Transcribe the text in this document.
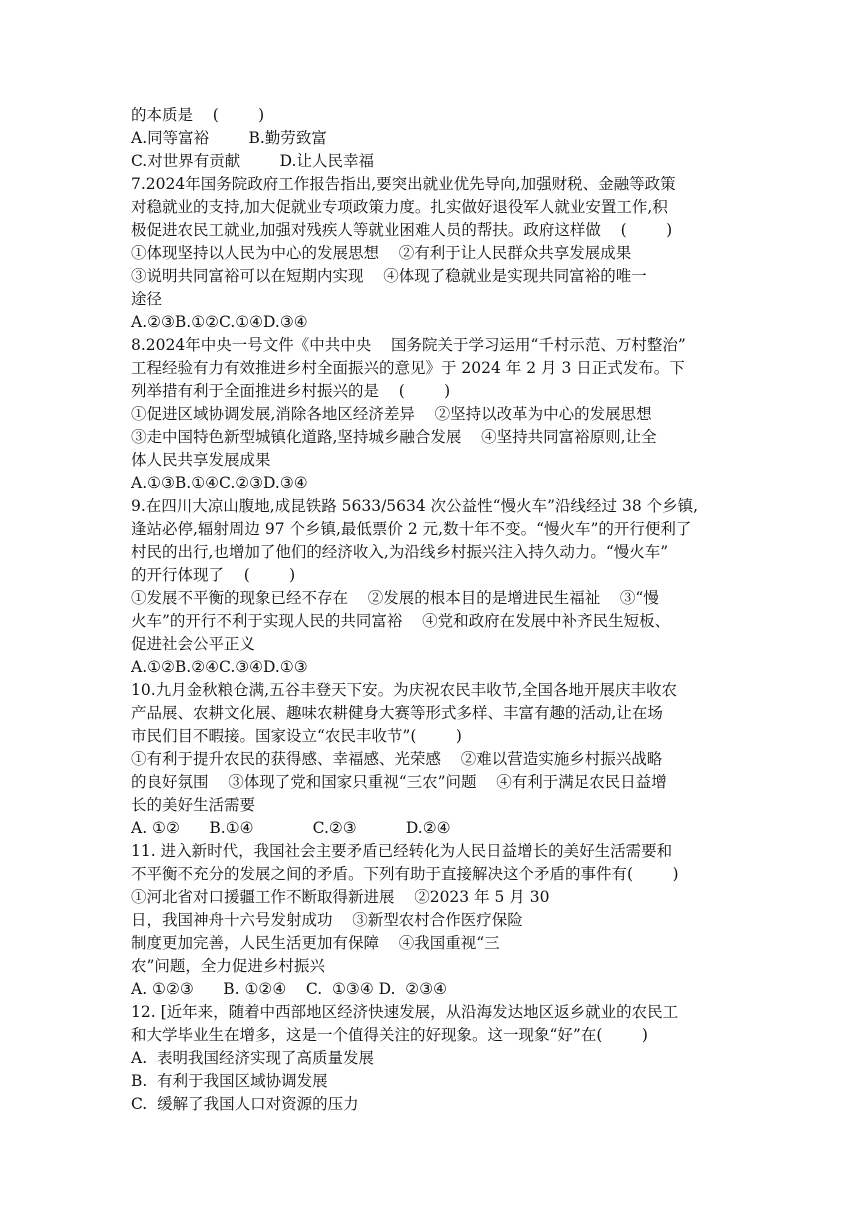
的本质是    (        )
A.同等富裕        B.勤劳致富
C.对世界有贡献        D.让人民幸福
7.2024年国务院政府工作报告指出,要突出就业优先导向,加强财税、金融等政策
对稳就业的支持,加大促就业专项政策力度。扎实做好退役军人就业安置工作,积
极促进农民工就业,加强对残疾人等就业困难人员的帮扶。政府这样做    (        )
①体现坚持以人民为中心的发展思想    ②有利于让人民群众共享发展成果
③说明共同富裕可以在短期内实现    ④体现了稳就业是实现共同富裕的唯一
途径
A.②③B.①②C.①④D.③④
8.2024年中央一号文件《中共中央    国务院关于学习运用“千村示范、万村整治”
工程经验有力有效推进乡村全面振兴的意见》于 2024 年 2 月 3 日正式发布。下
列举措有利于全面推进乡村振兴的是    (        )
①促进区域协调发展,消除各地区经济差异    ②坚持以改革为中心的发展思想
③走中国特色新型城镇化道路,坚持城乡融合发展    ④坚持共同富裕原则,让全
体人民共享发展成果
A.①③B.①④C.②③D.③④
9.在四川大凉山腹地,成昆铁路 5633/5634 次公益性“慢火车”沿线经过 38 个乡镇,
逢站必停,辐射周边 97 个乡镇,最低票价 2 元,数十年不变。“慢火车”的开行便利了
村民的出行,也增加了他们的经济收入,为沿线乡村振兴注入持久动力。“慢火车”
的开行体现了    (        )
①发展不平衡的现象已经不存在    ②发展的根本目的是增进民生福祉    ③“慢
火车”的开行不利于实现人民的共同富裕    ④党和政府在发展中补齐民生短板、
促进社会公平正义
A.①②B.②④C.③④D.①③
10.九月金秋粮仓满,五谷丰登天下安。为庆祝农民丰收节,全国各地开展庆丰收农
产品展、农耕文化展、趣味农耕健身大赛等形式多样、丰富有趣的活动,让在场
市民们目不暇接。国家设立“农民丰收节”(        )
①有利于提升农民的获得感、幸福感、光荣感    ②难以营造实施乡村振兴战略
的良好氛围    ③体现了党和国家只重视“三农”问题    ④有利于满足农民日益增
长的美好生活需要
A. ①②      B.①④            C.②③          D.②④
11. 进入新时代，我国社会主要矛盾已经转化为人民日益增长的美好生活需要和
不平衡不充分的发展之间的矛盾。下列有助于直接解决这个矛盾的事件有(        )
①河北省对口援疆工作不断取得新进展    ②2023 年 5 月 30
日，我国神舟十六号发射成功    ③新型农村合作医疗保险
制度更加完善，人民生活更加有保障    ④我国重视“三
农”问题，全力促进乡村振兴
A. ①②③      B. ①②④    C.  ①③④ D.  ②③④
12. [近年来，随着中西部地区经济快速发展，从沿海发达地区返乡就业的农民工
和大学毕业生在增多，这是一个值得关注的好现象。这一现象“好”在(        )
A.  表明我国经济实现了高质量发展
B.  有利于我国区域协调发展
C.  缓解了我国人口对资源的压力
